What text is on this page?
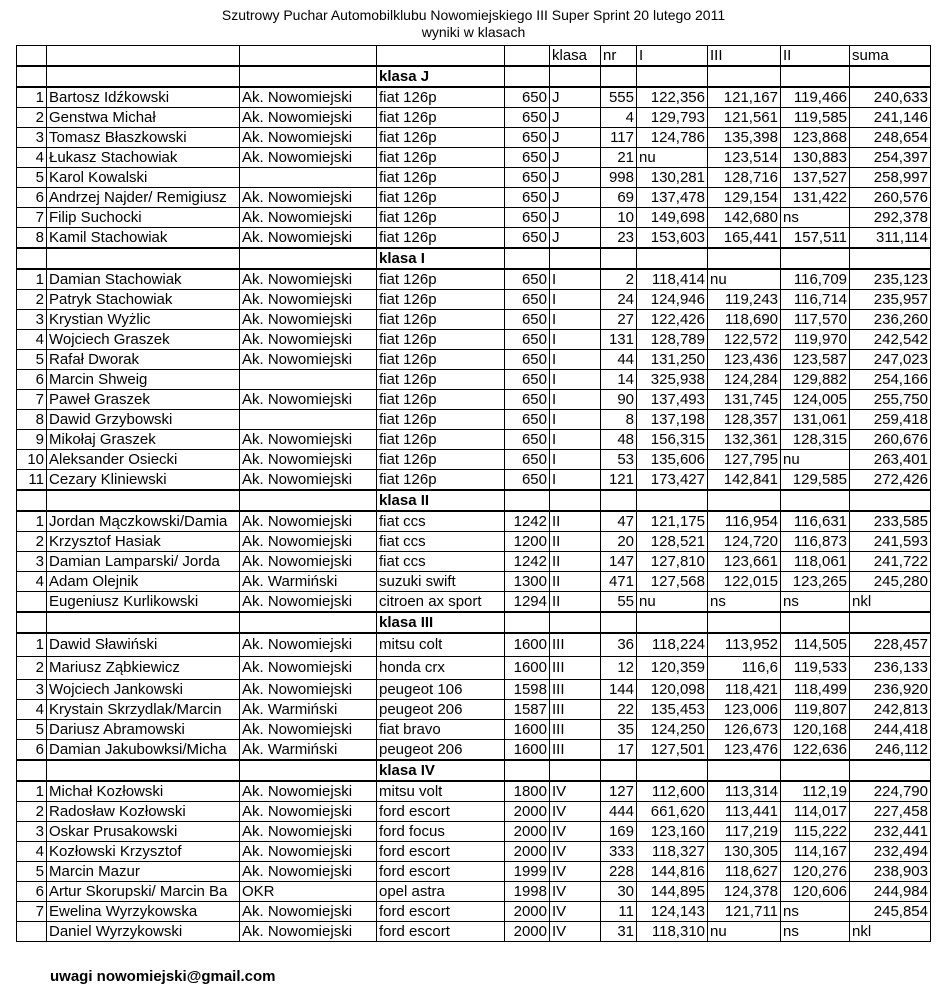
Szutrowy Puchar Automobilklubu Nowomiejskiego III Super Sprint 20 lutego 2011
wyniki w klasach
					klasa	nr	I	III	II	suma
			klasa J							
1	Bartosz Idźkowski	Ak. Nowomiejski	fiat 126p	650	J	555	122,356	121,167	119,466	240,633
2	Genstwa Michał	Ak. Nowomiejski	fiat 126p	650	J	4	129,793	121,561	119,585	241,146
3	Tomasz Błaszkowski	Ak. Nowomiejski	fiat 126p	650	J	117	124,786	135,398	123,868	248,654
4	Łukasz Stachowiak	Ak. Nowomiejski	fiat 126p	650	J	21	nu	123,514	130,883	254,397
5	Karol Kowalski		fiat 126p	650	J	998	130,281	128,716	137,527	258,997
6	Andrzej Najder/ Remigiusz	Ak. Nowomiejski	fiat 126p	650	J	69	137,478	129,154	131,422	260,576
7	Filip Suchocki	Ak. Nowomiejski	fiat 126p	650	J	10	149,698	142,680	ns	292,378
8	Kamil Stachowiak	Ak. Nowomiejski	fiat 126p	650	J	23	153,603	165,441	157,511	311,114
			klasa I							
1	Damian Stachowiak	Ak. Nowomiejski	fiat 126p	650	I	2	118,414	nu	116,709	235,123
2	Patryk Stachowiak	Ak. Nowomiejski	fiat 126p	650	I	24	124,946	119,243	116,714	235,957
3	Krystian Wyżlic	Ak. Nowomiejski	fiat 126p	650	I	27	122,426	118,690	117,570	236,260
4	Wojciech Graszek	Ak. Nowomiejski	fiat 126p	650	I	131	128,789	122,572	119,970	242,542
5	Rafał Dworak	Ak. Nowomiejski	fiat 126p	650	I	44	131,250	123,436	123,587	247,023
6	Marcin Shweig		fiat 126p	650	I	14	325,938	124,284	129,882	254,166
7	Paweł Graszek	Ak. Nowomiejski	fiat 126p	650	I	90	137,493	131,745	124,005	255,750
8	Dawid Grzybowski		fiat 126p	650	I	8	137,198	128,357	131,061	259,418
9	Mikołaj Graszek	Ak. Nowomiejski	fiat 126p	650	I	48	156,315	132,361	128,315	260,676
10	Aleksander Osiecki	Ak. Nowomiejski	fiat 126p	650	I	53	135,606	127,795	nu	263,401
11	Cezary Kliniewski	Ak. Nowomiejski	fiat 126p	650	I	121	173,427	142,841	129,585	272,426
			klasa II							
1	Jordan Mączkowski/Damia	Ak. Nowomiejski	fiat ccs	1242	II	47	121,175	116,954	116,631	233,585
2	Krzysztof Hasiak	Ak. Nowomiejski	fiat ccs	1200	II	20	128,521	124,720	116,873	241,593
3	Damian Lamparski/ Jorda	Ak. Nowomiejski	fiat ccs	1242	II	147	127,810	123,661	118,061	241,722
4	Adam Olejnik	Ak. Warmiński	suzuki swift	1300	II	471	127,568	122,015	123,265	245,280
	Eugeniusz Kurlikowski	Ak. Nowomiejski	citroen ax sport	1294	II	55	nu	ns	ns	nkl
			klasa III							
1	Dawid Sławiński	Ak. Nowomiejski	mitsu colt	1600	III	36	118,224	113,952	114,505	228,457
2	Mariusz Ząbkiewicz	Ak. Nowomiejski	honda crx	1600	III	12	120,359	116,6	119,533	236,133
3	Wojciech Jankowski	Ak. Nowomiejski	peugeot 106	1598	III	144	120,098	118,421	118,499	236,920
4	Krystain Skrzydlak/Marcin	Ak. Warmiński	peugeot 206	1587	III	22	135,453	123,006	119,807	242,813
5	Dariusz Abramowski	Ak. Nowomiejski	fiat bravo	1600	III	35	124,250	126,673	120,168	244,418
6	Damian Jakubowksi/Micha	Ak. Warmiński	peugeot 206	1600	III	17	127,501	123,476	122,636	246,112
			klasa IV							
1	Michał Kozłowski	Ak. Nowomiejski	mitsu volt	1800	IV	127	112,600	113,314	112,19	224,790
2	Radosław Kozłowski	Ak. Nowomiejski	ford escort	2000	IV	444	661,620	113,441	114,017	227,458
3	Oskar Prusakowski	Ak. Nowomiejski	ford focus	2000	IV	169	123,160	117,219	115,222	232,441
4	Kozłowski Krzysztof	Ak. Nowomiejski	ford escort	2000	IV	333	118,327	130,305	114,167	232,494
5	Marcin Mazur	Ak. Nowomiejski	ford escort	1999	IV	228	144,816	118,627	120,276	238,903
6	Artur Skorupski/ Marcin Ba	OKR	opel astra	1998	IV	30	144,895	124,378	120,606	244,984
7	Ewelina Wyrzykowska	Ak. Nowomiejski	ford escort	2000	IV	11	124,143	121,711	ns	245,854
	Daniel Wyrzykowski	Ak. Nowomiejski	ford escort	2000	IV	31	118,310	nu	ns	nkl
uwagi nowomiejski@gmail.com
